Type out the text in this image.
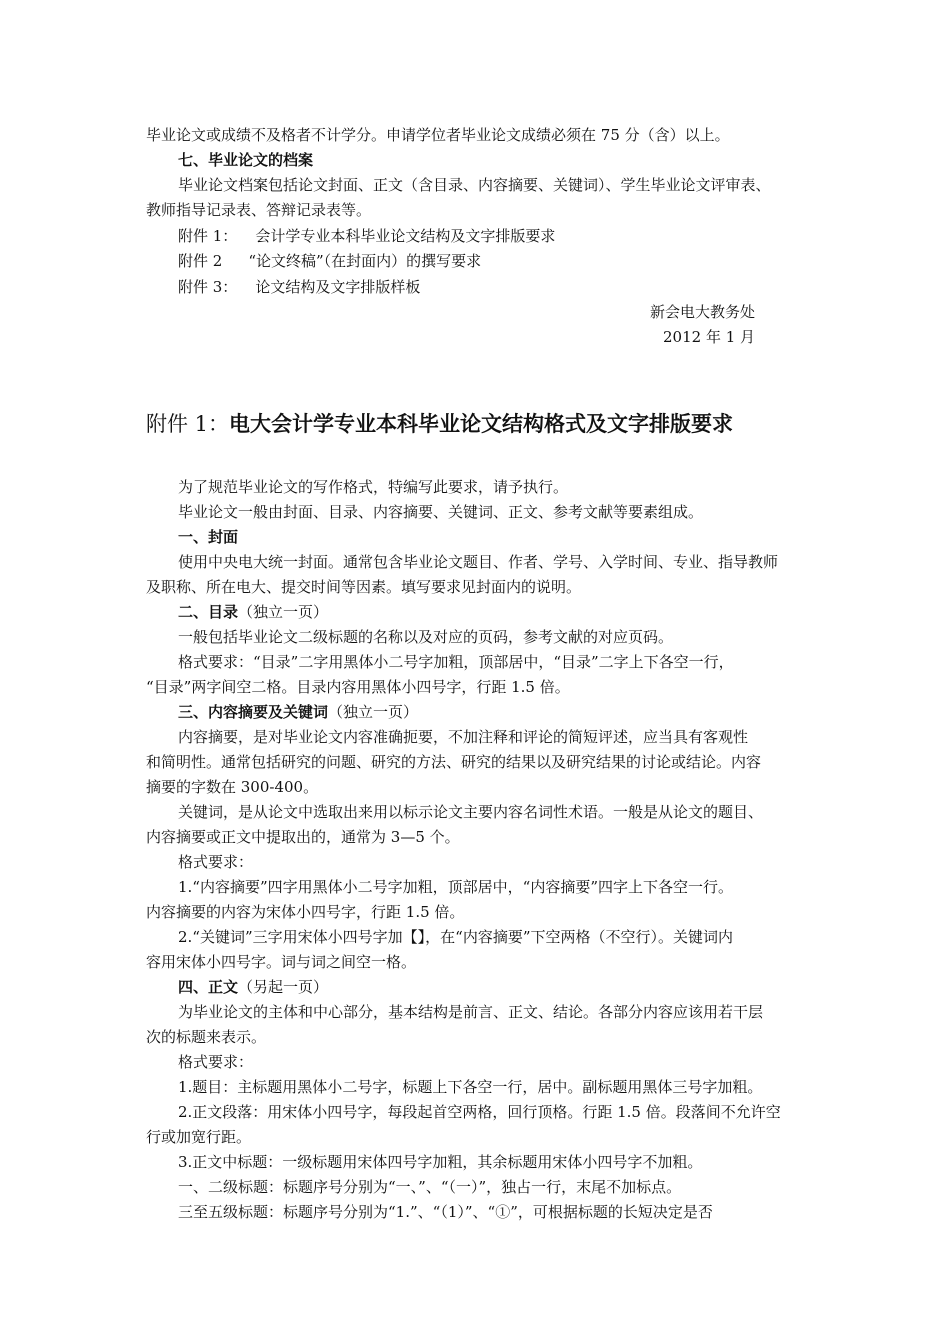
毕业论文或成绩不及格者不计学分。申请学位者毕业论文成绩必须在 75 分（含）以上。
七、毕业论文的档案
毕业论文档案包括论文封面、正文（含目录、内容摘要、关键词）、学生毕业论文评审表、
教师指导记录表、答辩记录表等。
附件 1： 会计学专业本科毕业论文结构及文字排版要求
附件 2 “论文终稿”（在封面内）的撰写要求
附件 3： 论文结构及文字排版样板
新会电大教务处
2012 年 1 月
附件 1：电大会计学专业本科毕业论文结构格式及文字排版要求
为了规范毕业论文的写作格式，特编写此要求，请予执行。
毕业论文一般由封面、目录、内容摘要、关键词、正文、参考文献等要素组成。
一、封面
使用中央电大统一封面。通常包含毕业论文题目、作者、学号、入学时间、专业、指导教师
及职称、所在电大、提交时间等因素。填写要求见封面内的说明。
二、目录（独立一页）
一般包括毕业论文二级标题的名称以及对应的页码，参考文献的对应页码。
格式要求：“目录”二字用黑体小二号字加粗，顶部居中，“目录”二字上下各空一行，
“目录”两字间空二格。目录内容用黑体小四号字，行距 1.5 倍。
三、内容摘要及关键词（独立一页）
内容摘要，是对毕业论文内容准确扼要，不加注释和评论的简短评述，应当具有客观性
和简明性。通常包括研究的问题、研究的方法、研究的结果以及研究结果的讨论或结论。内容
摘要的字数在 300-400。
关键词，是从论文中选取出来用以标示论文主要内容名词性术语。一般是从论文的题目、
内容摘要或正文中提取出的，通常为 3—5 个。
格式要求：
1.“内容摘要”四字用黑体小二号字加粗，顶部居中，“内容摘要”四字上下各空一行。
内容摘要的内容为宋体小四号字，行距 1.5 倍。
2.“关键词”三字用宋体小四号字加【】，在“内容摘要”下空两格（不空行）。关键词内
容用宋体小四号字。词与词之间空一格。
四、正文（另起一页）
为毕业论文的主体和中心部分，基本结构是前言、正文、结论。各部分内容应该用若干层
次的标题来表示。
格式要求：
1.题目：主标题用黑体小二号字，标题上下各空一行，居中。副标题用黑体三号字加粗。
2.正文段落：用宋体小四号字，每段起首空两格，回行顶格。行距 1.5 倍。段落间不允许空
行或加宽行距。
3.正文中标题：一级标题用宋体四号字加粗，其余标题用宋体小四号字不加粗。
一、二级标题：标题序号分别为“一、”、“（一）”，独占一行，末尾不加标点。
三至五级标题：标题序号分别为“1.”、“（1）”、“①”，可根据标题的长短决定是否
